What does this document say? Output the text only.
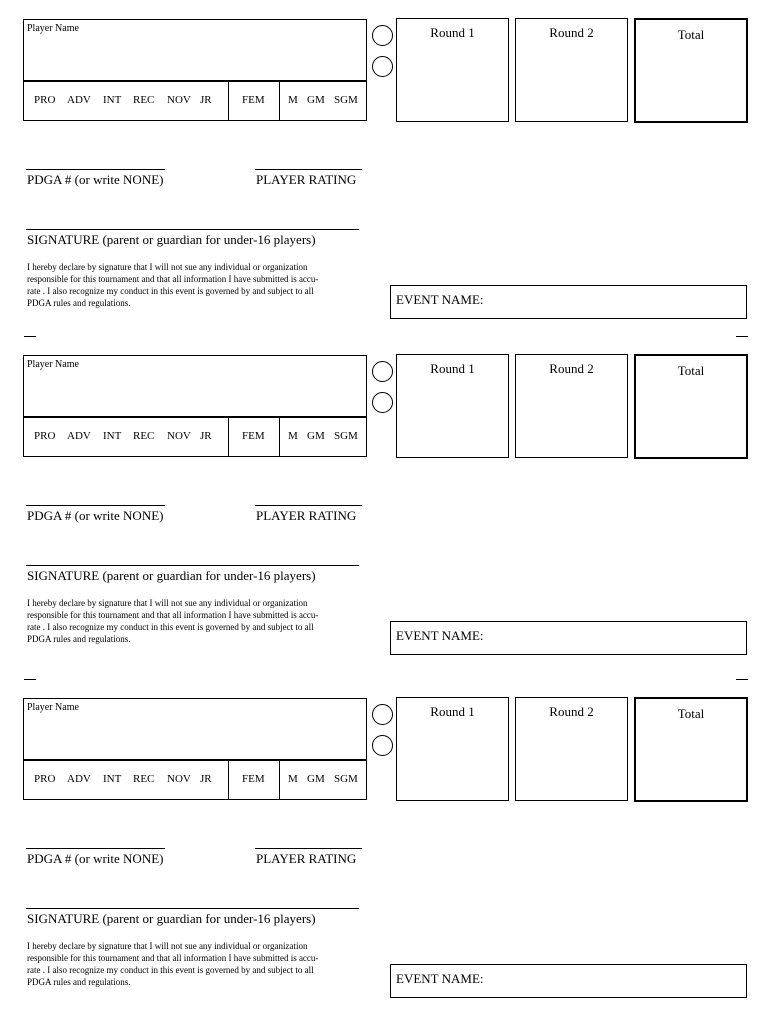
Player Name
PRO ADV INT REC NOV JR	FEM M GM SGM
Round 1	Round 2	Total
PDGA # (or write NONE)	PLAYER RATING
SIGNATURE (parent or guardian for under-16 players)
I hereby declare by signature that I will not sue any individual or organization
responsible for this tournament and that all information I have submitted is accu-
rate . I also recognize my conduct in this event is governed by and subject to all
PDGA rules and regulations.	EVENT NAME:
Player Name
PRO ADV INT REC NOV JR	FEM M GM SGM
Round 1	Round 2	Total
PDGA # (or write NONE)	PLAYER RATING
SIGNATURE (parent or guardian for under-16 players)
I hereby declare by signature that I will not sue any individual or organization
responsible for this tournament and that all information I have submitted is accu-
rate . I also recognize my conduct in this event is governed by and subject to all
PDGA rules and regulations.	EVENT NAME:
Player Name
PRO ADV INT REC NOV JR	FEM M GM SGM
Round 1	Round 2	Total
PDGA # (or write NONE)	PLAYER RATING
SIGNATURE (parent or guardian for under-16 players)
I hereby declare by signature that I will not sue any individual or organization
responsible for this tournament and that all information I have submitted is accu-
rate . I also recognize my conduct in this event is governed by and subject to all
PDGA rules and regulations.	EVENT NAME:
